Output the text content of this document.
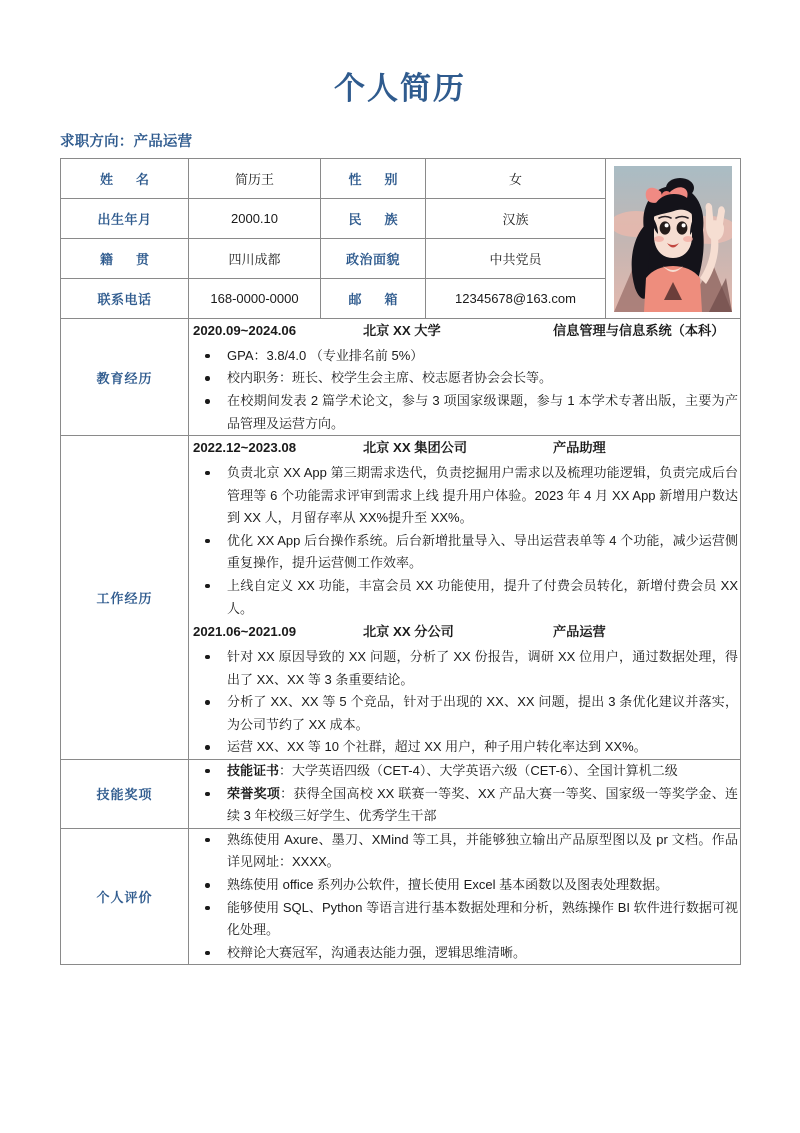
个人简历
求职方向：产品运营
姓　名	简历王	性　别	女	

出生年月	2000.10	民　族	汉族	
籍　贯	四川成都	政治面貌	中共党员	
联系电话	168-0000-0000	邮　箱	12345678@163.com	
教育经历	
2020.09~2024.06	北京 XX 大学	信息管理与信息系统（本科）
GPA：3.8/4.0 （专业排名前 5%）
校内职务：班长、校学生会主席、校志愿者协会会长等。
在校期间发表 2 篇学术论文，参与 3 项国家级课题，参与 1 本学术专著出版，主要为产品管理及运营方向。

工作经历	
2022.12~2023.08	北京 XX 集团公司	产品助理
负责北京 XX App 第三期需求迭代，负责挖掘用户需求以及梳理功能逻辑，负责完成后台管理等 6 个功能需求评审到需求上线 提升用户体验。2023 年 4 月 XX App 新增用户数达到 XX 人，月留存率从 XX%提升至 XX%。
优化 XX App 后台操作系统。后台新增批量导入、导出运营表单等 4 个功能，减少运营侧重复操作，提升运营侧工作效率。
上线自定义 XX 功能，丰富会员 XX 功能使用，提升了付费会员转化，新增付费会员 XX 人。
2021.06~2021.09	北京 XX 分公司	产品运营
针对 XX 原因导致的 XX 问题，分析了 XX 份报告，调研 XX 位用户，通过数据处理，得出了 XX、XX 等 3 条重要结论。
分析了 XX、XX 等 5 个竞品，针对于出现的 XX、XX 问题，提出 3 条优化建议并落实，为公司节约了 XX 成本。
运营 XX、XX 等 10 个社群，超过 XX 用户，种子用户转化率达到 XX%。

技能奖项	
技能证书：大学英语四级（CET-4）、大学英语六级（CET-6）、全国计算机二级
荣誉奖项：获得全国高校 XX 联赛一等奖、XX 产品大赛一等奖、国家级一等奖学金、连续 3 年校级三好学生、优秀学生干部

个人评价	
熟练使用 Axure、墨刀、XMind 等工具，并能够独立输出产品原型图以及 pr 文档。作品详见网址：XXXX。
熟练使用 office 系列办公软件，擅长使用 Excel 基本函数以及图表处理数据。
能够使用 SQL、Python 等语言进行基本数据处理和分析，熟练操作 BI 软件进行数据可视化处理。
校辩论大赛冠军，沟通表达能力强，逻辑思维清晰。
